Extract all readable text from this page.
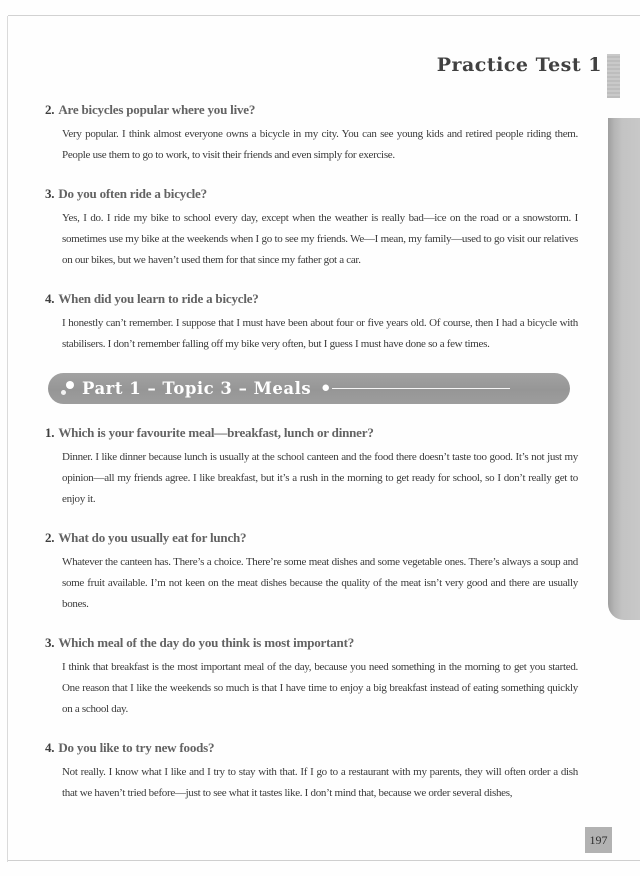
Practice Test 1
2. Are bicycles popular where you live?
Very popular. I think almost everyone owns a bicycle in my city. You can see young kids and retired people riding them. People use them to go to work, to visit their friends and even simply for exercise.
3. Do you often ride a bicycle?
Yes, I do. I ride my bike to school every day, except when the weather is really bad—ice on the road or a snowstorm. I sometimes use my bike at the weekends when I go to see my friends. We—I mean, my family—used to go visit our relatives on our bikes, but we haven’t used them for that since my father got a car.
4. When did you learn to ride a bicycle?
I honestly can’t remember. I suppose that I must have been about four or five years old. Of course, then I had a bicycle with stabilisers. I don’t remember falling off my bike very often, but I guess I must have done so a few times.
Part 1 – Topic 3 – Meals ●
1. Which is your favourite meal—breakfast, lunch or dinner?
Dinner. I like dinner because lunch is usually at the school canteen and the food there doesn’t taste too good. It’s not just my opinion—all my friends agree. I like breakfast, but it’s a rush in the morning to get ready for school, so I don’t really get to enjoy it.
2. What do you usually eat for lunch?
Whatever the canteen has. There’s a choice. There’re some meat dishes and some vegetable ones. There’s always a soup and some fruit available. I’m not keen on the meat dishes because the quality of the meat isn’t very good and there are usually bones.
3. Which meal of the day do you think is most important?
I think that breakfast is the most important meal of the day, because you need something in the morning to get you started. One reason that I like the weekends so much is that I have time to enjoy a big breakfast instead of eating something quickly on a school day.
4. Do you like to try new foods?
Not really. I know what I like and I try to stay with that. If I go to a restaurant with my parents, they will often order a dish that we haven’t tried before—just to see what it tastes like. I don’t mind that, because we order several dishes,
197
